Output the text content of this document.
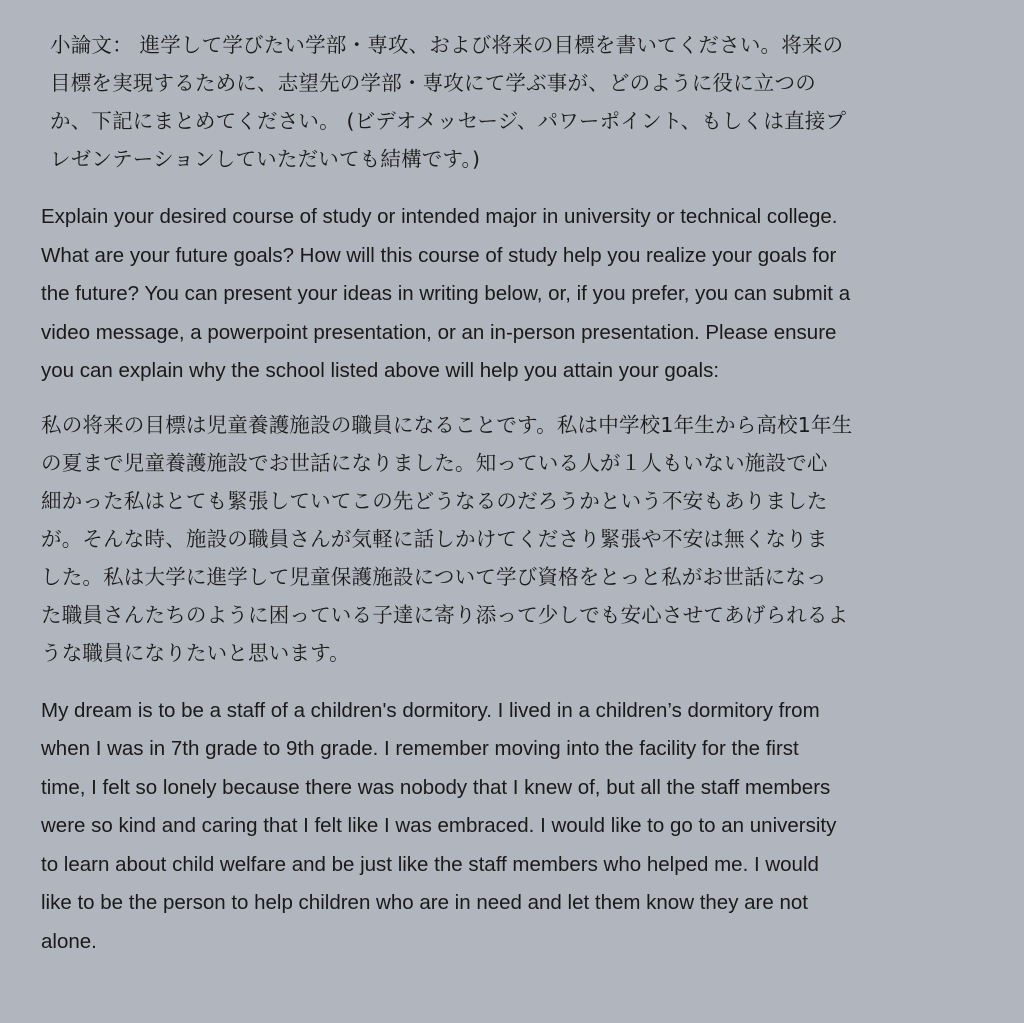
小論文： 進学して学びたい学部・専攻、および将来の目標を書いてください。将来の
目標を実現するために、志望先の学部・専攻にて学ぶ事が、どのように役に立つの
か、下記にまとめてください。 (ビデオメッセージ、パワーポイント、もしくは直接プ
レゼンテーションしていただいても結構です。)

Explain your desired course of study or intended major in university or technical college.
What are your future goals? How will this course of study help you realize your goals for
the future? You can present your ideas in writing below, or, if you prefer, you can submit a
video message, a powerpoint presentation, or an in-person presentation. Please ensure
you can explain why the school listed above will help you attain your goals:

私の将来の目標は児童養護施設の職員になることです。私は中学校1年生から高校1年生
の夏まで児童養護施設でお世話になりました。知っている人が１人もいない施設で心
細かった私はとても緊張していてこの先どうなるのだろうかという不安もありました
が。そんな時、施設の職員さんが気軽に話しかけてくださり緊張や不安は無くなりま
した。私は大学に進学して児童保護施設について学び資格をとっと私がお世話になっ
た職員さんたちのように困っている子達に寄り添って少しでも安心させてあげられるよ
うな職員になりたいと思います。

My dream is to be a staff of a children's dormitory. I lived in a children’s dormitory from
when I was in 7th grade to 9th grade. I remember moving into the facility for the first
time, I felt so lonely because there was nobody that I knew of, but all the staff members
were so kind and caring that I felt like I was embraced. I would like to go to an university
to learn about child welfare and be just like the staff members who helped me. I would
like to be the person to help children who are in need and let them know they are not
alone.
